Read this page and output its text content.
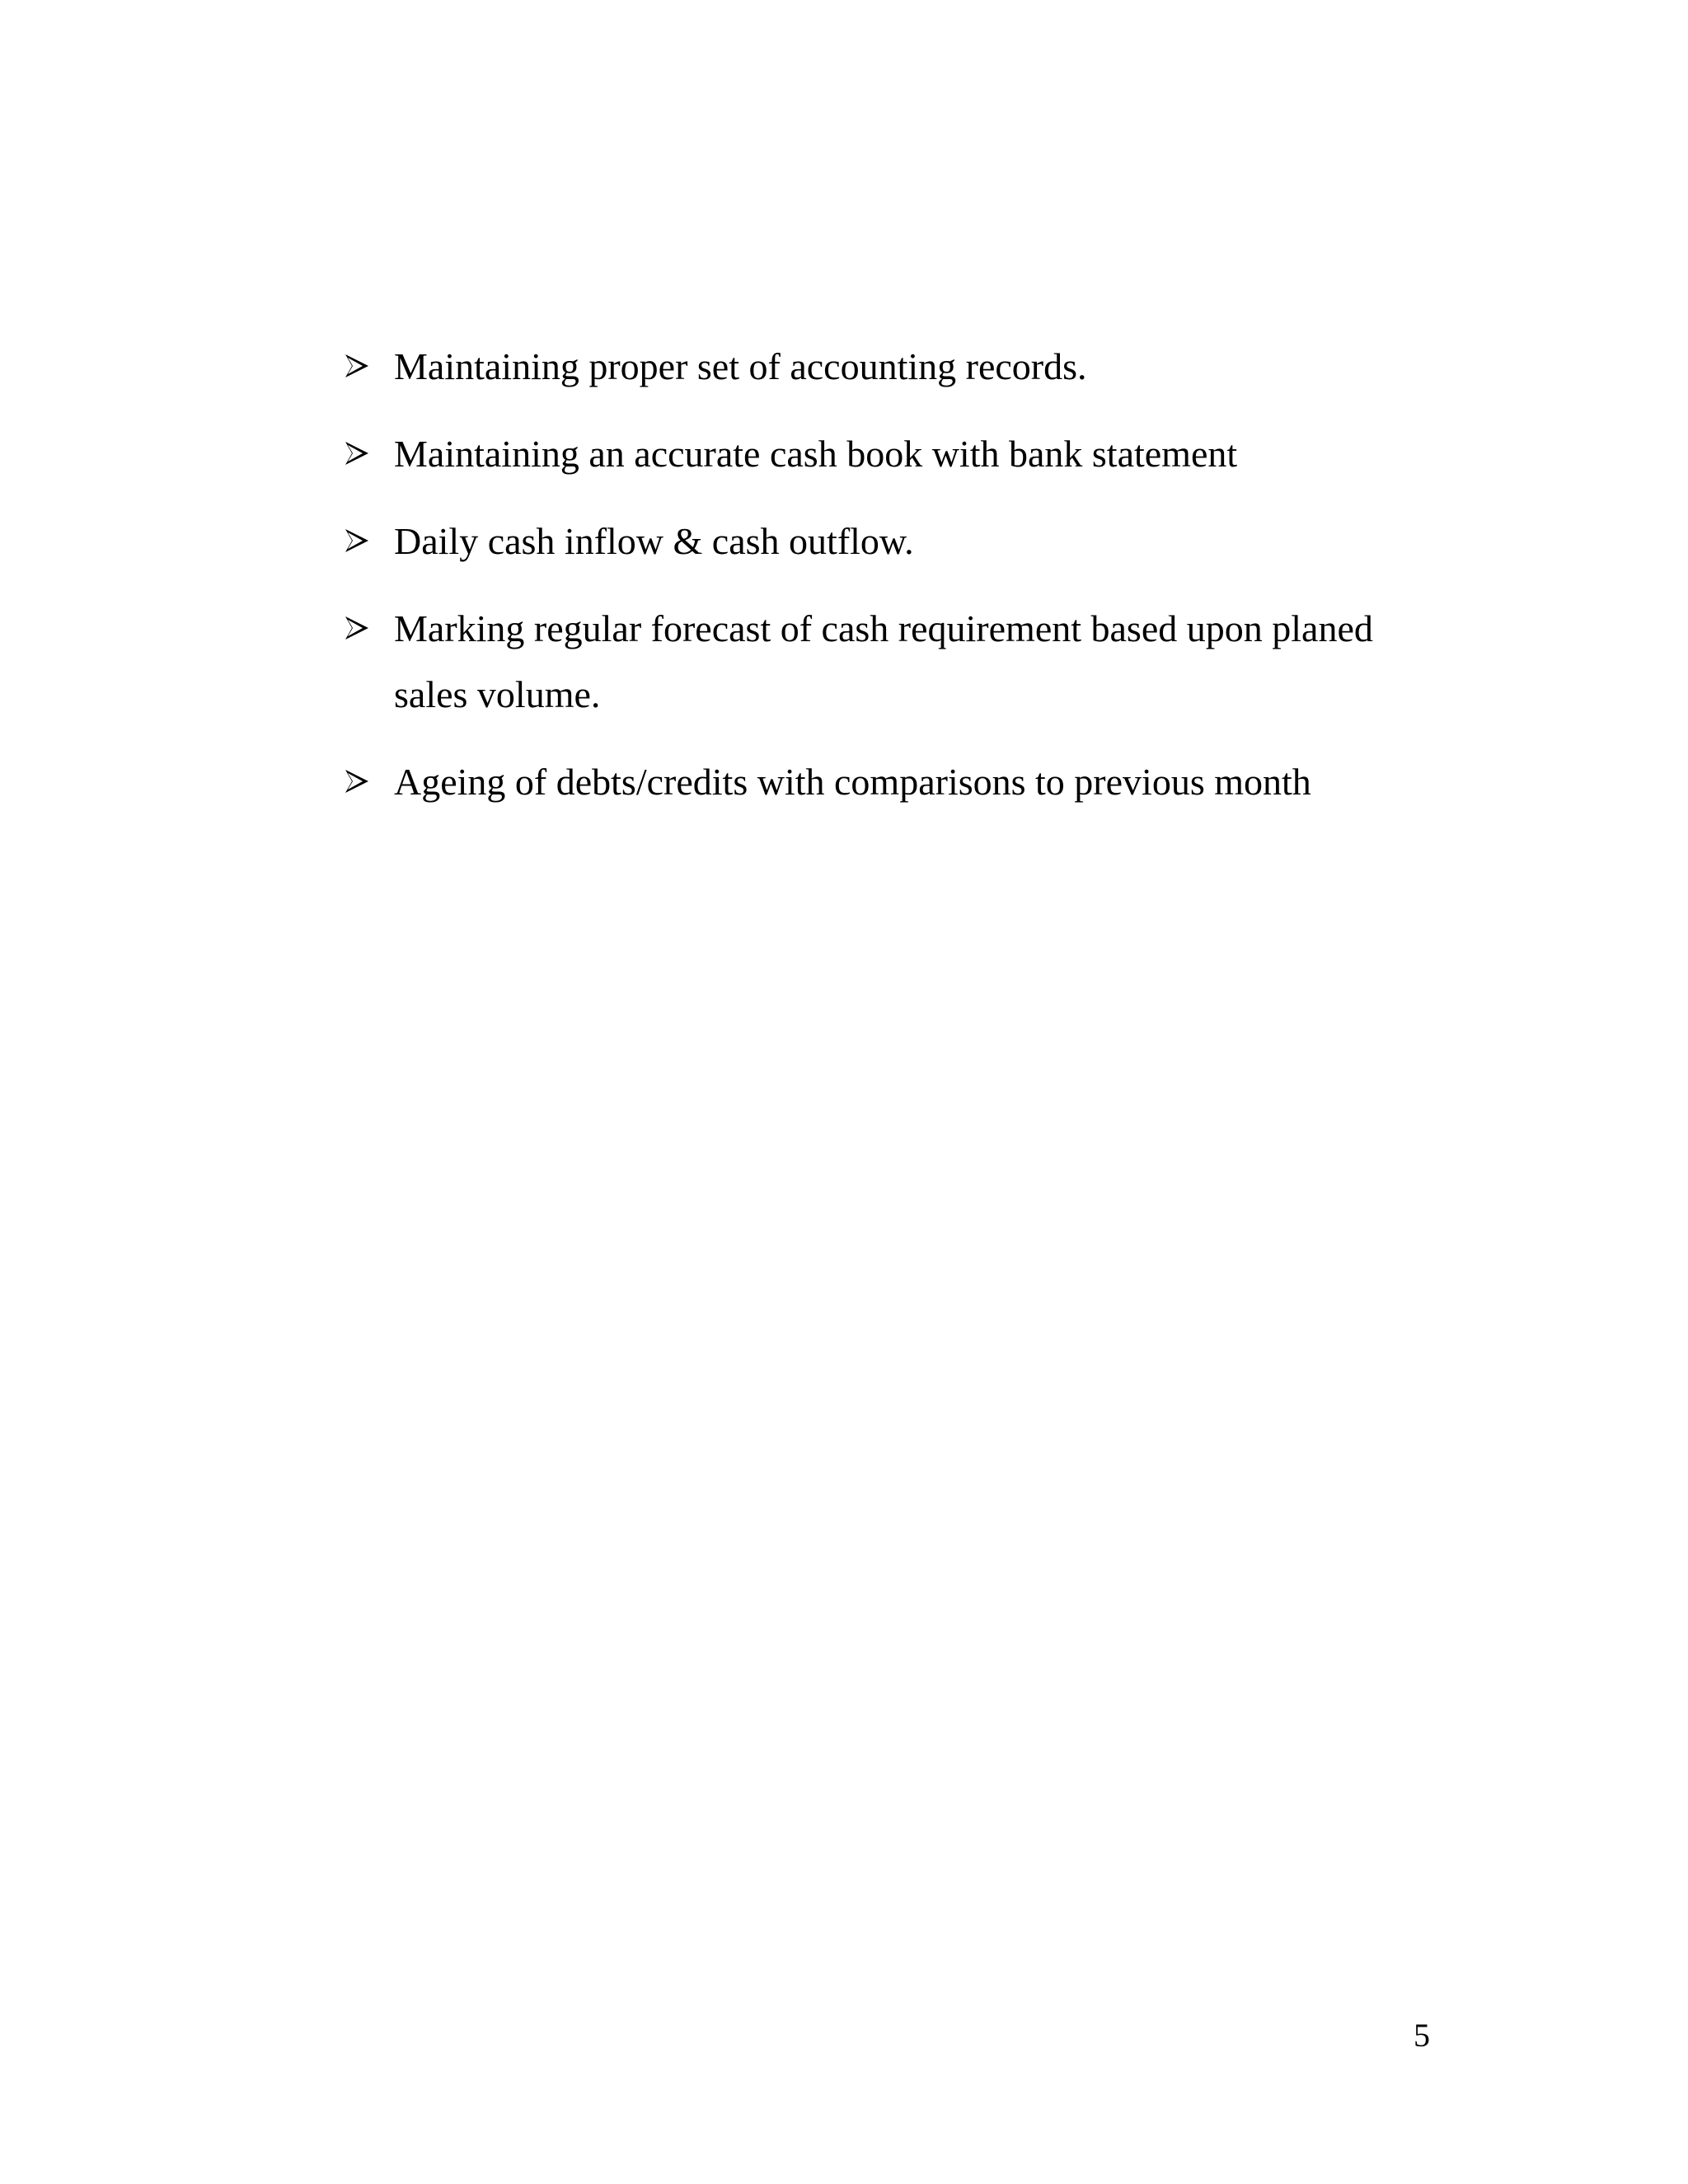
Maintaining proper set of accounting records.
Maintaining an accurate cash book with bank statement
Daily cash inflow & cash outflow.
Marking regular forecast of cash requirement based upon planed sales volume.
Ageing of debts/credits with comparisons to previous month
5
